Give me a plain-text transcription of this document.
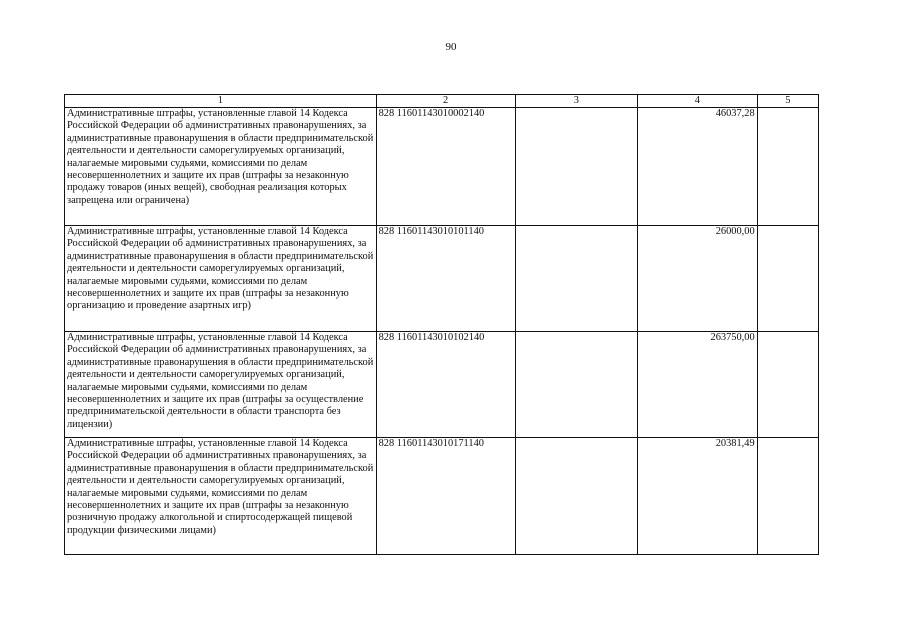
90
1	2	3	4	5
Административные штрафы, установленные главой 14 Кодекса Российской Федерации об административных правонарушениях, за административные правонарушения в области предпринимательской деятельности и деятельности саморегулируемых организаций, налагаемые мировыми судьями, комиссиями по делам несовершеннолетних и защите их прав (штрафы за незаконную продажу товаров (иных вещей), свободная реализация которых запрещена или ограничена)	828 11601143010002140		46037,28	
Административные штрафы, установленные главой 14 Кодекса Российской Федерации об административных правонарушениях, за административные правонарушения в области предпринимательской деятельности и деятельности саморегулируемых организаций, налагаемые мировыми судьями, комиссиями по делам несовершеннолетних и защите их прав (штрафы за незаконную организацию и проведение азартных игр)	828 11601143010101140		26000,00	
Административные штрафы, установленные главой 14 Кодекса Российской Федерации об административных правонарушениях, за административные правонарушения в области предпринимательской деятельности и деятельности саморегулируемых организаций, налагаемые мировыми судьями, комиссиями по делам несовершеннолетних и защите их прав (штрафы за осуществление предпринимательской деятельности в области транспорта без лицензии)	828 11601143010102140		263750,00	
Административные штрафы, установленные главой 14 Кодекса Российской Федерации об административных правонарушениях, за административные правонарушения в области предпринимательской деятельности и деятельности саморегулируемых организаций, налагаемые мировыми судьями, комиссиями по делам несовершеннолетних и защите их прав (штрафы за незаконную розничную продажу алкогольной и спиртосодержащей пищевой продукции физическими лицами)	828 11601143010171140		20381,49	
